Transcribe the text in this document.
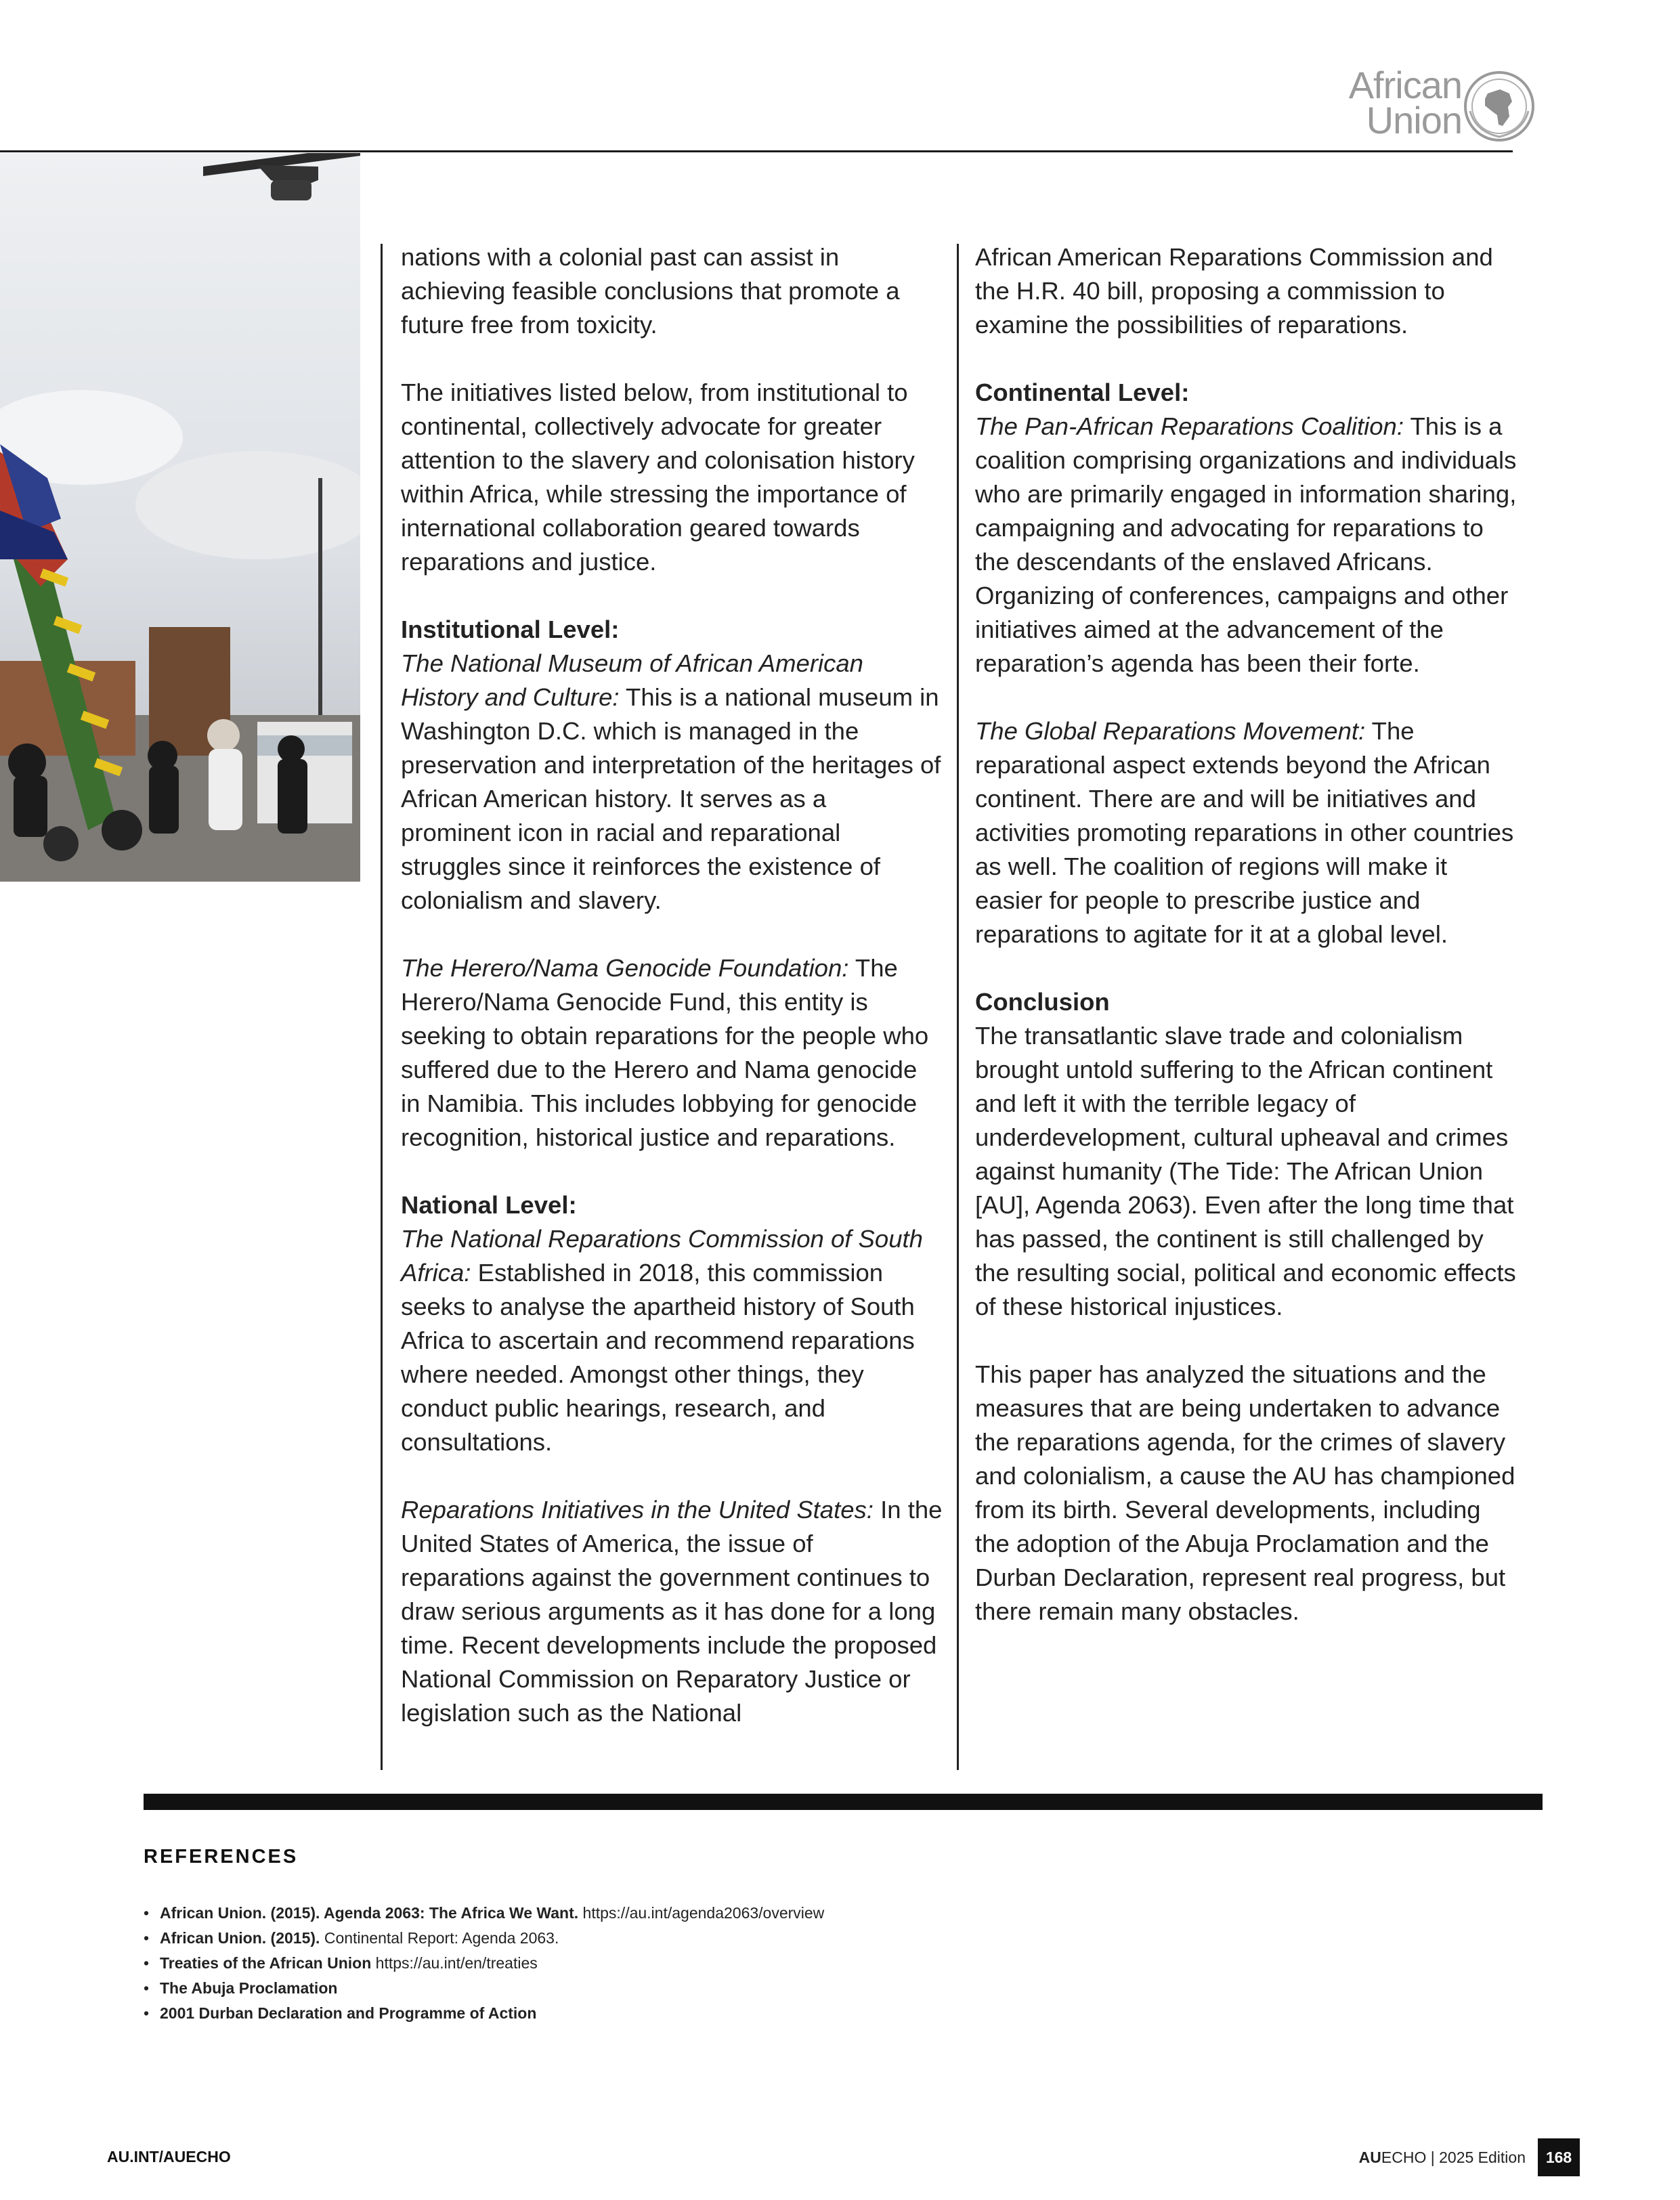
African
Union

nations with a colonial past can assist in achieving feasible conclusions that promote a future free from toxicity.

The initiatives listed below, from institutional to continental, collectively advocate for greater attention to the slavery and colonisation history within Africa, while stressing the importance of international collaboration geared towards reparations and justice.

Institutional Level:
The National Museum of African American History and Culture: This is a national museum in Washington D.C. which is managed in the preservation and interpretation of the heritages of African American history. It serves as a prominent icon in racial and reparational struggles since it reinforces the existence of colonialism and slavery.

The Herero/Nama Genocide Foundation: The Herero/Nama Genocide Fund, this entity is seeking to obtain reparations for the people who suffered due to the Herero and Nama genocide in Namibia. This includes lobbying for genocide recognition, historical justice and reparations.

National Level:
The National Reparations Commission of South Africa: Established in 2018, this commission seeks to analyse the apartheid history of South Africa to ascertain and recommend reparations where needed. Amongst other things, they conduct public hearings, research, and consultations.

Reparations Initiatives in the United States: In the United States of America, the issue of reparations against the government continues to draw serious arguments as it has done for a long time. Recent developments include the proposed National Commission on Reparatory Justice or legislation such as the National

African American Reparations Commission and the H.R. 40 bill, proposing a commission to examine the possibilities of reparations.

Continental Level:
The Pan-African Reparations Coalition: This is a coalition comprising organizations and individuals who are primarily engaged in information sharing, campaigning and advocating for reparations to the descendants of the enslaved Africans. Organizing of conferences, campaigns and other initiatives aimed at the advancement of the reparation’s agenda has been their forte.

The Global Reparations Movement: The reparational aspect extends beyond the African continent. There are and will be initiatives and activities promoting reparations in other countries as well. The coalition of regions will make it easier for people to prescribe justice and reparations to agitate for it at a global level.

Conclusion
The transatlantic slave trade and colonialism brought untold suffering to the African continent and left it with the terrible legacy of underdevelopment, cultural upheaval and crimes against humanity (The Tide: The African Union [AU], Agenda 2063). Even after the long time that has passed, the continent is still challenged by the resulting social, political and economic effects of these historical injustices.

This paper has analyzed the situations and the measures that are being undertaken to advance the reparations agenda, for the crimes of slavery and colonialism, a cause the AU has championed from its birth. Several developments, including the adoption of the Abuja Proclamation and the Durban Declaration, represent real progress, but there remain many obstacles.

REFERENCES
• African Union. (2015). Agenda 2063: The Africa We Want. https://au.int/agenda2063/overview
• African Union. (2015). Continental Report: Agenda 2063.
• Treaties of the African Union https://au.int/en/treaties
• The Abuja Proclamation
• 2001 Durban Declaration and Programme of Action
AU.INT/AUECHO	AU ECHO | 2025 Edition	168
